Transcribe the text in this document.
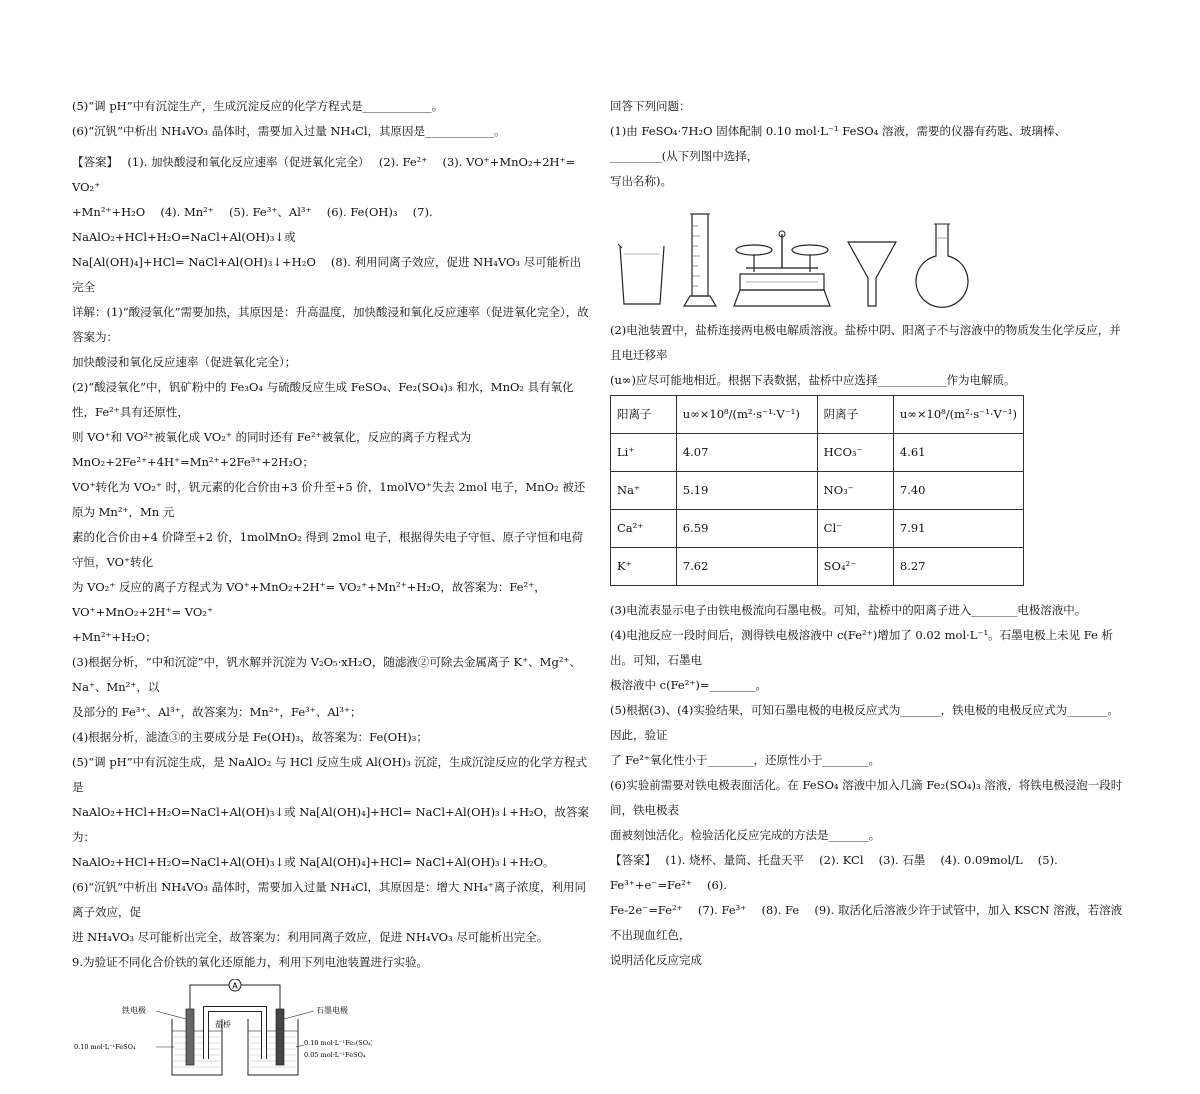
(5)“调 pH”中有沉淀生产，生成沉淀反应的化学方程式是____________。

(6)“沉钒”中析出 NH₄VO₃ 晶体时，需要加入过量 NH₄Cl，其原因是____________。

【答案】　 (1). 加快酸浸和氧化反应速率（促进氧化完全）　 (2). Fe²⁺　 (3). VO⁺+MnO₂+2H⁺= VO₂⁺

+Mn²⁺+H₂O　 (4). Mn²⁺　 (5). Fe³⁺、Al³⁺　 (6). Fe(OH)₃　 (7). NaAlO₂+HCl+H₂O=NaCl+Al(OH)₃↓或

Na[Al(OH)₄]+HCl= NaCl+Al(OH)₃↓+H₂O　 (8). 利用同离子效应，促进 NH₄VO₃ 尽可能析出完全

详解：(1)“酸浸氧化”需要加热，其原因是：升高温度，加快酸浸和氧化反应速率（促进氧化完全），故答案为：

加快酸浸和氧化反应速率（促进氧化完全）；

(2)“酸浸氧化”中，钒矿粉中的 Fe₃O₄ 与硫酸反应生成 FeSO₄、Fe₂(SO₄)₃ 和水，MnO₂ 具有氧化性，Fe²⁺具有还原性，

则 VO⁺和 VO²⁺被氧化成 VO₂⁺ 的同时还有 Fe²⁺被氧化，反应的离子方程式为 MnO₂+2Fe²⁺+4H⁺=Mn²⁺+2Fe³⁺+2H₂O；

VO⁺转化为 VO₂⁺ 时，钒元素的化合价由+3 价升至+5 价，1molVO⁺失去 2mol 电子，MnO₂ 被还原为 Mn²⁺，Mn 元

素的化合价由+4 价降至+2 价，1molMnO₂ 得到 2mol 电子，根据得失电子守恒、原子守恒和电荷守恒，VO⁺转化

为 VO₂⁺ 反应的离子方程式为 VO⁺+MnO₂+2H⁺= VO₂⁺+Mn²⁺+H₂O，故答案为：Fe²⁺，VO⁺+MnO₂+2H⁺= VO₂⁺

+Mn²⁺+H₂O；

(3)根据分析，“中和沉淀”中，钒水解并沉淀为 V₂O₅·xH₂O，随滤液②可除去金属离子 K⁺、Mg²⁺、Na⁺、Mn²⁺，以

及部分的 Fe³⁺、Al³⁺，故答案为：Mn²⁺，Fe³⁺、Al³⁺；

(4)根据分析，滤渣③的主要成分是 Fe(OH)₃，故答案为：Fe(OH)₃；

(5)“调 pH”中有沉淀生成，是 NaAlO₂ 与 HCl 反应生成 Al(OH)₃ 沉淀，生成沉淀反应的化学方程式是

NaAlO₂+HCl+H₂O=NaCl+Al(OH)₃↓或 Na[Al(OH)₄]+HCl= NaCl+Al(OH)₃↓+H₂O，故答案为：

NaAlO₂+HCl+H₂O=NaCl+Al(OH)₃↓或 Na[Al(OH)₄]+HCl= NaCl+Al(OH)₃↓+H₂O。

(6)“沉钒”中析出 NH₄VO₃ 晶体时，需要加入过量 NH₄Cl，其原因是：增大 NH₄⁺离子浓度，利用同离子效应，促

进 NH₄VO₃ 尽可能析出完全，故答案为：利用同离子效应，促进 NH₄VO₃ 尽可能析出完全。

9.为验证不同化合价铁的氧化还原能力，利用下列电池装置进行实验。

A
铁电极
盐桥
石墨电极
0.10 mol·L⁻¹FeSO₄	0.10 mol·L⁻¹Fe₂(SO₄)₃
0.05 mol·L⁻¹FeSO₄

回答下列问题：

(1)由 FeSO₄·7H₂O 固体配制 0.10 mol·L⁻¹ FeSO₄ 溶液，需要的仪器有药匙、玻璃棒、_________(从下列图中选择，

写出名称)。

(2)电池装置中，盐桥连接两电极电解质溶液。盐桥中阴、阳离子不与溶液中的物质发生化学反应，并且电迁移率

(u∞)应尽可能地相近。根据下表数据，盐桥中应选择____________作为电解质。

阳离子	u∞×10⁸/(m²·s⁻¹·V⁻¹)	阴离子	u∞×10⁸/(m²·s⁻¹·V⁻¹)
Li⁺	4.07	HCO₃⁻	4.61
Na⁺	5.19	NO₃⁻	7.40
Ca²⁺	6.59	Cl⁻	7.91
K⁺	7.62	SO₄²⁻	8.27

(3)电流表显示电子由铁电极流向石墨电极。可知，盐桥中的阳离子进入________电极溶液中。

(4)电池反应一段时间后，测得铁电极溶液中 c(Fe²⁺)增加了 0.02 mol·L⁻¹。石墨电极上未见 Fe 析出。可知，石墨电

极溶液中 c(Fe²⁺)=________。

(5)根据(3)、(4)实验结果，可知石墨电极的电极反应式为_______，铁电极的电极反应式为_______。因此，验证

了 Fe²⁺氧化性小于________，还原性小于________。

(6)实验前需要对铁电极表面活化。在 FeSO₄ 溶液中加入几滴 Fe₂(SO₄)₃ 溶液，将铁电极浸泡一段时间，铁电极表

面被刻蚀活化。检验活化反应完成的方法是_______。

【答案】　 (1). 烧杯、量筒、托盘天平　 (2). KCl　 (3). 石墨　 (4). 0.09mol/L　 (5). Fe³⁺+e⁻=Fe²⁺　 (6).

Fe-2e⁻=Fe²⁺　 (7). Fe³⁺　 (8). Fe　 (9). 取活化后溶液少许于试管中，加入 KSCN 溶液，若溶液不出现血红色，

说明活化反应完成
